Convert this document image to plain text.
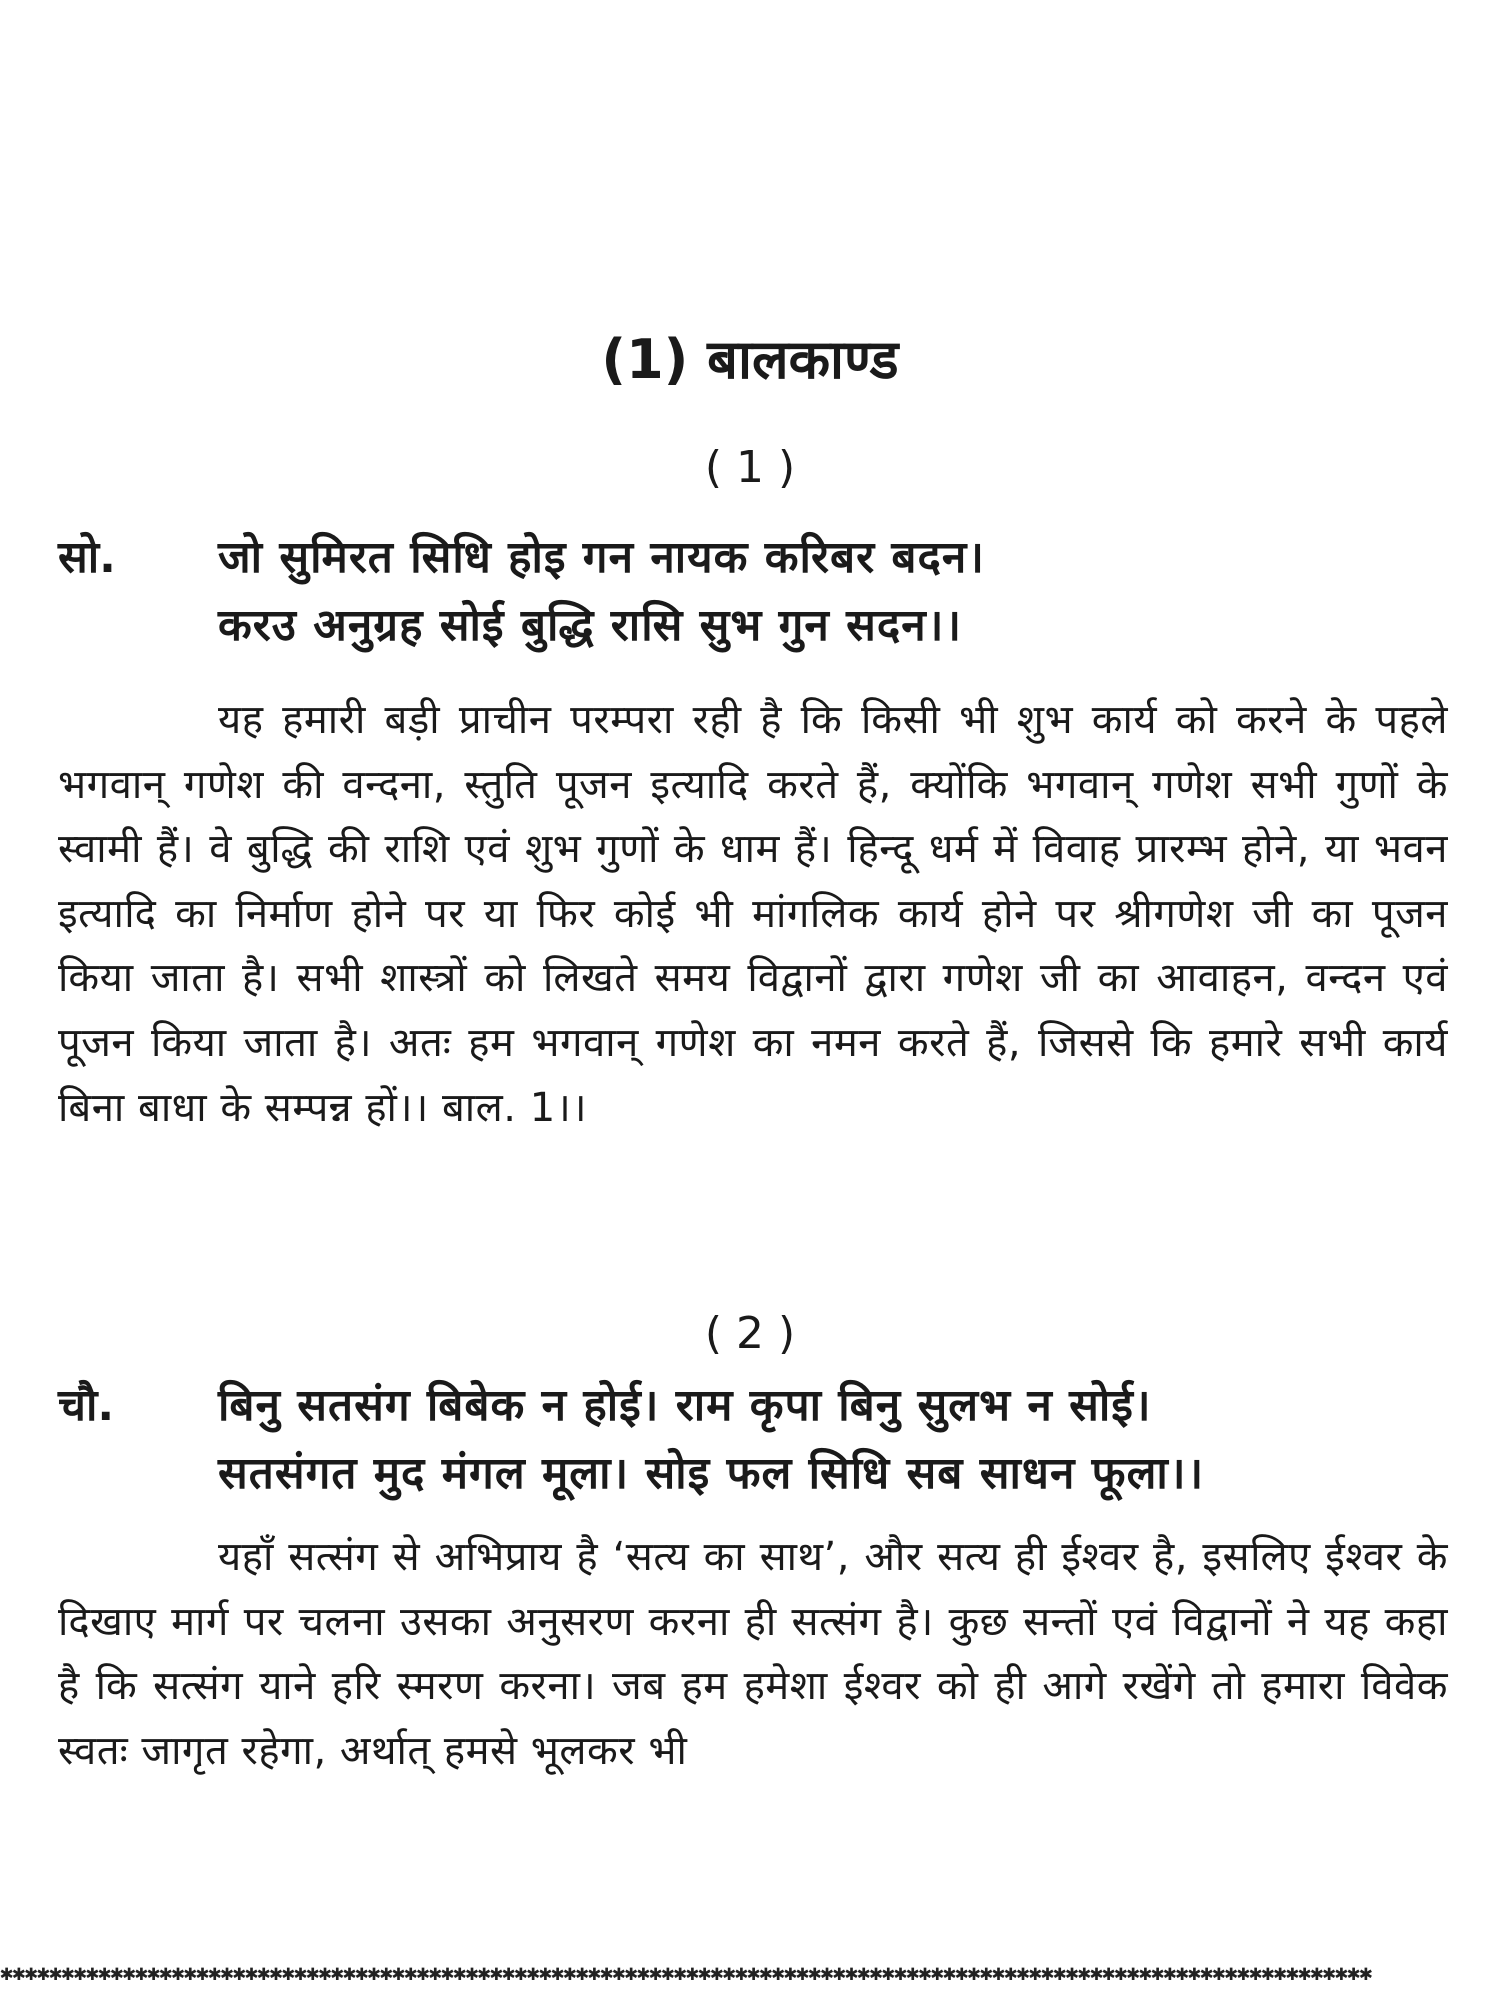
(1) बालकाण्ड
( 1 )
सो. जो सुमिरत सिधि होइ गन नायक करिबर बदन।
करउ अनुग्रह सोई बुद्धि रासि सुभ गुन सदन।।

यह हमारी बड़ी प्राचीन परम्परा रही है कि किसी भी शुभ कार्य को करने के पहले भगवान् गणेश की वन्दना, स्तुति पूजन इत्यादि करते हैं, क्योंकि भगवान् गणेश सभी गुणों के स्वामी हैं। वे बुद्धि की राशि एवं शुभ गुणों के धाम हैं। हिन्दू धर्म में विवाह प्रारम्भ होने, या भवन इत्यादि का निर्माण होने पर या फिर कोई भी मांगलिक कार्य होने पर श्रीगणेश जी का पूजन किया जाता है। सभी शास्त्रों को लिखते समय विद्वानों द्वारा गणेश जी का आवाहन, वन्दन एवं पूजन किया जाता है। अतः हम भगवान् गणेश का नमन करते हैं, जिससे कि हमारे सभी कार्य बिना बाधा के सम्पन्न हों।। बाल. 1।।

( 2 )
चौ. बिनु सतसंग बिबेक न होई। राम कृपा बिनु सुलभ न सोई।
सतसंगत मुद मंगल मूला। सोइ फल सिधि सब साधन फूला।।

यहाँ सत्संग से अभिप्राय है ‘सत्य का साथ’, और सत्य ही ईश्वर है, इसलिए ईश्वर के दिखाए मार्ग पर चलना उसका अनुसरण करना ही सत्संग है। कुछ सन्तों एवं विद्वानों ने यह कहा है कि सत्संग याने हरि स्मरण करना। जब हम हमेशा ईश्वर को ही आगे रखेंगे तो हमारा विवेक स्वतः जागृत रहेगा, अर्थात् हमसे भूलकर भी

✱✱✱✱✱✱✱✱✱✱✱✱✱✱✱✱✱✱✱✱✱✱✱✱✱✱✱✱✱✱✱✱✱✱✱✱✱✱✱✱✱✱✱✱✱✱✱✱✱✱✱✱✱✱✱✱✱✱✱✱✱✱✱✱✱✱✱✱✱✱✱✱✱✱✱✱✱✱✱✱✱✱✱✱✱✱✱✱✱✱✱✱✱✱✱✱✱✱✱✱✱✱✱✱✱✱✱✱✱✱✱✱
